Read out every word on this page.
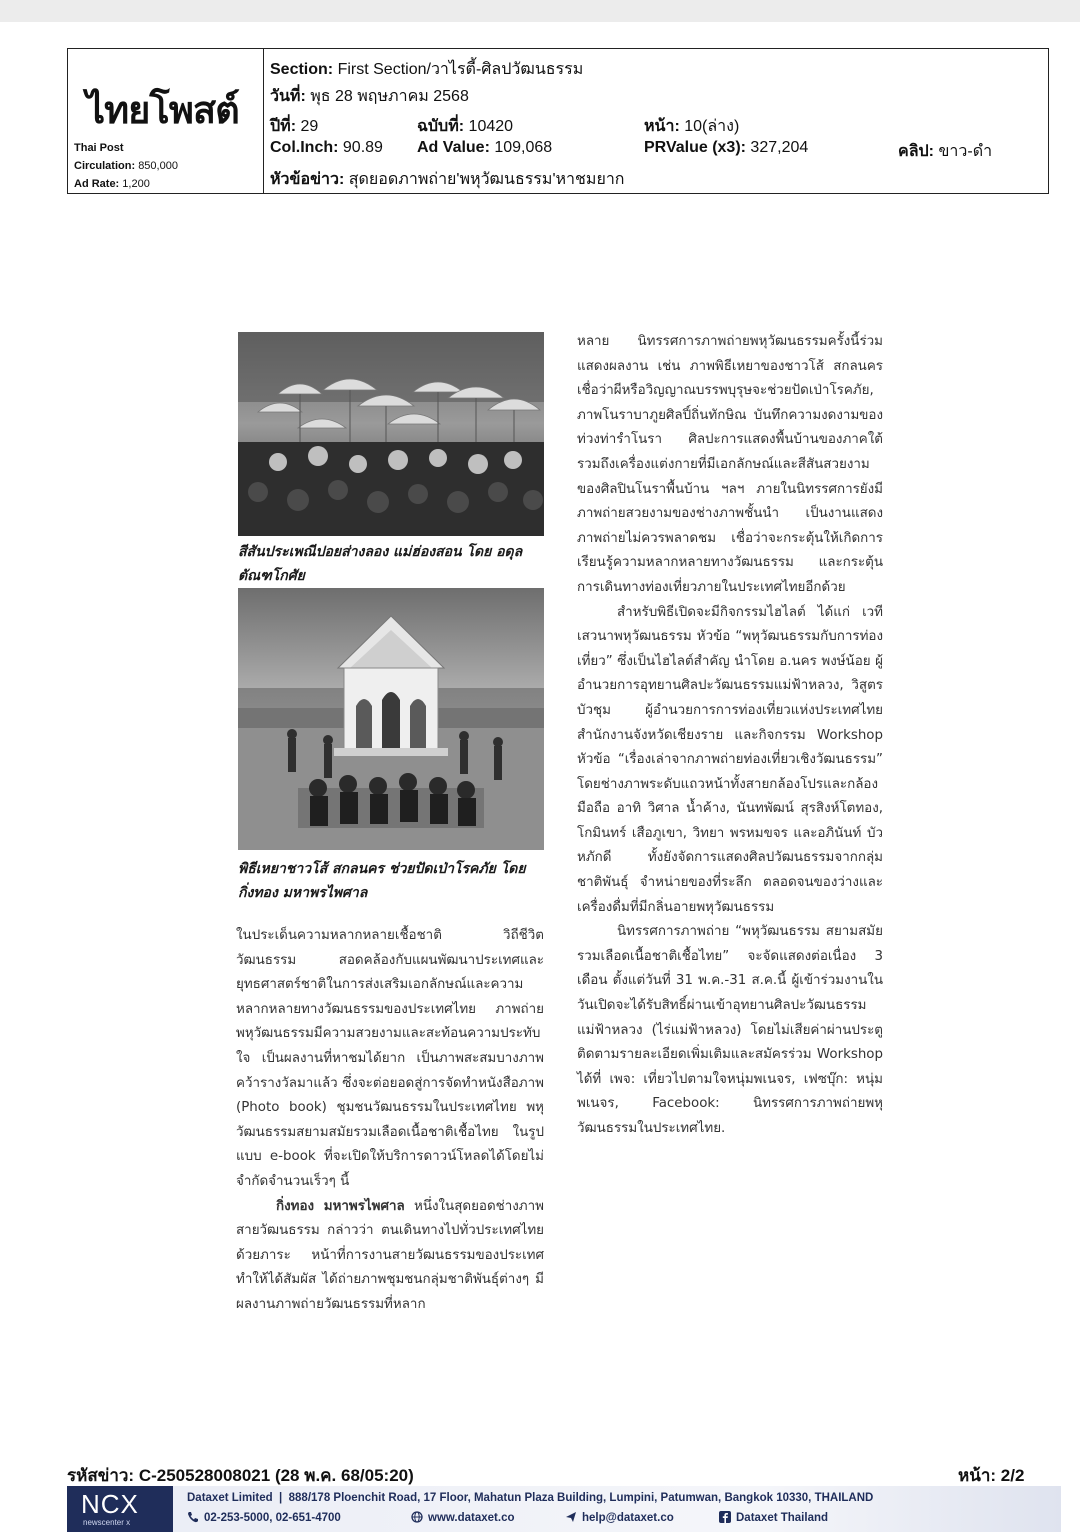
ไทยโพสต์
Thai Post
Circulation: 850,000
Ad Rate: 1,200
Section: First Section/วาไรตี้-ศิลปวัฒนธรรม
วันที่: พุธ 28 พฤษภาคม 2568
ปีที่: 29	ฉบับที่: 10420	หน้า: 10(ล่าง)
Col.Inch: 90.89 Ad Value: 109,068	PRValue (x3): 327,204	คลิป: ขาว-ดำ
หัวข้อข่าว: สุดยอดภาพถ่าย'พหุวัฒนธรรม'หาชมยาก
สีสันประเพณีปอยส่างลอง แม่ฮ่องสอน โดย อดุล
ตัณฑโกศัย
พิธีเหยาชาวโส้ สกลนคร ช่วยปัดเป่าโรคภัย โดย
กิ่งทอง มหาพรไพศาล

ในประเด็นความหลากหลายเชื้อชาติ วิถีชีวิต วัฒนธรรม สอดคล้องกับแผนพัฒนาประเทศและยุทธศาสตร์ชาติในการส่งเสริมเอกลักษณ์และความหลากหลายทางวัฒนธรรมของประเทศไทย ภาพถ่ายพหุวัฒนธรรมมีความสวยงามและสะท้อนความประทับใจ เป็นผลงานที่หาชมได้ยาก เป็นภาพสะสมบางภาพคว้ารางวัลมาแล้ว ซึ่งจะต่อยอดสู่การจัดทำหนังสือภาพ (Photo book) ชุมชนวัฒนธรรมในประเทศไทย พหุวัฒนธรรมสยามสมัยรวมเลือดเนื้อชาติเชื้อไทย ในรูปแบบ e-book ที่จะเปิดให้บริการดาวน์โหลดได้โดยไม่จำกัดจำนวนเร็วๆ นี้

กิ่งทอง มหาพรไพศาล หนึ่งในสุดยอดช่างภาพสายวัฒนธรรม กล่าวว่า ตนเดินทางไปทั่วประเทศไทยด้วยภาระ หน้าที่การงานสายวัฒนธรรมของประเทศ ทำให้ได้สัมผัส ได้ถ่ายภาพชุมชนกลุ่มชาติพันธุ์ต่างๆ มีผลงานภาพถ่ายวัฒนธรรมที่หลาก

หลาย นิทรรศการภาพถ่ายพหุวัฒนธรรมครั้งนี้ร่วมแสดงผลงาน เช่น ภาพพิธีเหยาของชาวโส้ สกลนครเชื่อว่าผีหรือวิญญาณบรรพบุรุษจะช่วยปัดเป่าโรคภัย, ภาพโนราบาภูยศิลปิ์ถิ่นทักษิณ บันทึกความงดงามของท่วงท่ารำโนรา ศิลปะการแสดงพื้นบ้านของภาคใต้ รวมถึงเครื่องแต่งกายที่มีเอกลักษณ์และสีสันสวยงามของศิลปินโนราพื้นบ้าน ฯลฯ ภายในนิทรรศการยังมีภาพถ่ายสวยงามของช่างภาพชั้นนำ เป็นงานแสดงภาพถ่ายไม่ควรพลาดชม เชื่อว่าจะกระตุ้นให้เกิดการเรียนรู้ความหลากหลายทางวัฒนธรรม และกระตุ้นการเดินทางท่องเที่ยวภายในประเทศไทยอีกด้วย

สำหรับพิธีเปิดจะมีกิจกรรมไฮไลต์ ได้แก่ เวทีเสวนาพหุวัฒนธรรม หัวข้อ “พหุวัฒนธรรมกับการท่องเที่ยว” ซึ่งเป็นไฮไลต์สำคัญ นำโดย อ.นคร พงษ์น้อย ผู้อำนวยการอุทยานศิลปะวัฒนธรรมแม่ฟ้าหลวง, วิสูตร บัวชุม ผู้อำนวยการการท่องเที่ยวแห่งประเทศไทย สำนักงานจังหวัดเชียงราย และกิจกรรม Workshop หัวข้อ “เรื่องเล่าจากภาพถ่ายท่องเที่ยวเชิงวัฒนธรรม” โดยช่างภาพระดับแถวหน้าทั้งสายกล้องโปรและกล้องมือถือ อาทิ วิศาล น้ำค้าง, นันทพัฒน์ สุรสิงห์โตทอง, โกมินทร์ เสือภูเขา, วิทยา พรหมขจร และอภินันท์ บัวหภักดี ทั้งยังจัดการแสดงศิลปวัฒนธรรมจากกลุ่มชาติพันธุ์ จำหน่ายของที่ระลึก ตลอดจนของว่างและเครื่องดื่มที่มีกลิ่นอายพหุวัฒนธรรม

นิทรรศการภาพถ่าย “พหุวัฒนธรรม สยามสมัย รวมเลือดเนื้อชาติเชื้อไทย” จะจัดแสดงต่อเนื่อง 3 เดือน ตั้งแต่วันที่ 31 พ.ค.-31 ส.ค.นี้ ผู้เข้าร่วมงานในวันเปิดจะได้รับสิทธิ์ผ่านเข้าอุทยานศิลปะวัฒนธรรมแม่ฟ้าหลวง (ไร่แม่ฟ้าหลวง) โดยไม่เสียค่าผ่านประตู ติดตามรายละเอียดเพิ่มเติมและสมัครร่วม Workshop ได้ที่ เพจ: เที่ยวไปตามใจหนุ่มพเนจร, เฟซบุ๊ก: หนุ่ม พเนจร, Facebook: นิทรรศการภาพถ่ายพหุวัฒนธรรมในประเทศไทย.

รหัสข่าว: C-250528008021 (28 พ.ค. 68/05:20)	หน้า: 2/2
NCX
newscenter x
Dataxet Limited  |  888/178 Ploenchit Road, 17 Floor, Mahatun Plaza Building, Lumpini, Patumwan, Bangkok 10330, THAILAND
02-253-5000, 02-651-4700	www.dataxet.co	help@dataxet.co	Dataxet Thailand
